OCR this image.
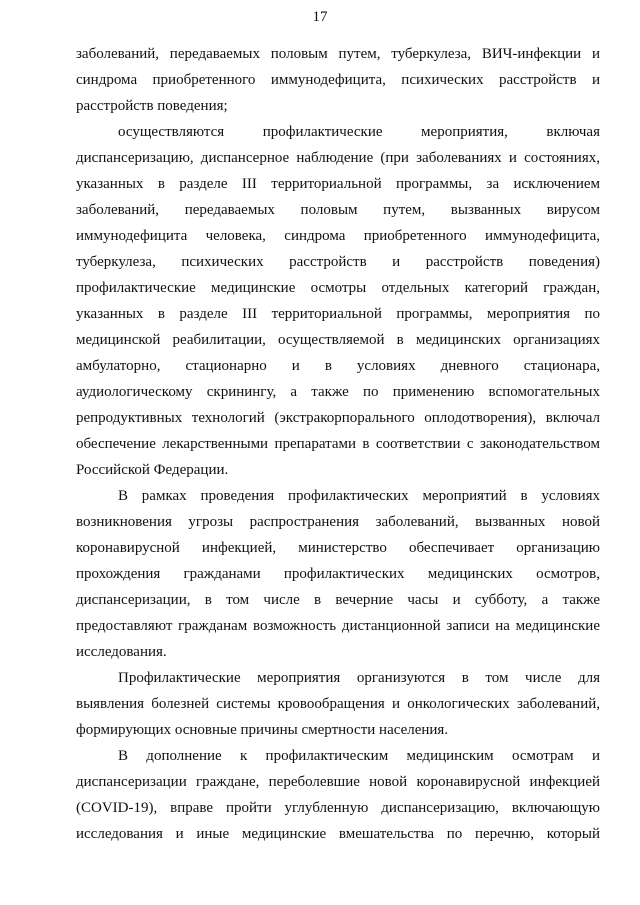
17
заболеваний, передаваемых половым путем, туберкулеза, ВИЧ-инфекции и
синдрома приобретенного иммунодефицита, психических расстройств и
расстройств поведения;
осуществляются профилактические мероприятия, включая
диспансеризацию, диспансерное наблюдение (при заболеваниях и состояниях,
указанных в разделе III территориальной программы, за исключением
заболеваний, передаваемых половым путем, вызванных вирусом
иммунодефицита человека, синдрома приобретенного иммунодефицита,
туберкулеза, психических расстройств и расстройств поведения)
профилактические медицинские осмотры отдельных категорий граждан,
указанных в разделе III территориальной программы, мероприятия по
медицинской реабилитации, осуществляемой в медицинских организациях
амбулаторно, стационарно и в условиях дневного стационара,
аудиологическому скринингу, а также по применению вспомогательных
репродуктивных технологий (экстракорпорального оплодотворения), включал
обеспечение лекарственными препаратами в соответствии с законодательством
Российской Федерации.
В рамках проведения профилактических мероприятий в условиях
возникновения угрозы распространения заболеваний, вызванных новой
коронавирусной инфекцией, министерство обеспечивает организацию
прохождения гражданами профилактических медицинских осмотров,
диспансеризации, в том числе в вечерние часы и субботу, а также
предоставляют гражданам возможность дистанционной записи на медицинские
исследования.
Профилактические мероприятия организуются в том числе для
выявления болезней системы кровообращения и онкологических заболеваний,
формирующих основные причины смертности населения.
В дополнение к профилактическим медицинским осмотрам и
диспансеризации граждане, переболевшие новой коронавирусной инфекцией
(COVID-19), вправе пройти углубленную диспансеризацию, включающую
исследования и иные медицинские вмешательства по перечню, который
